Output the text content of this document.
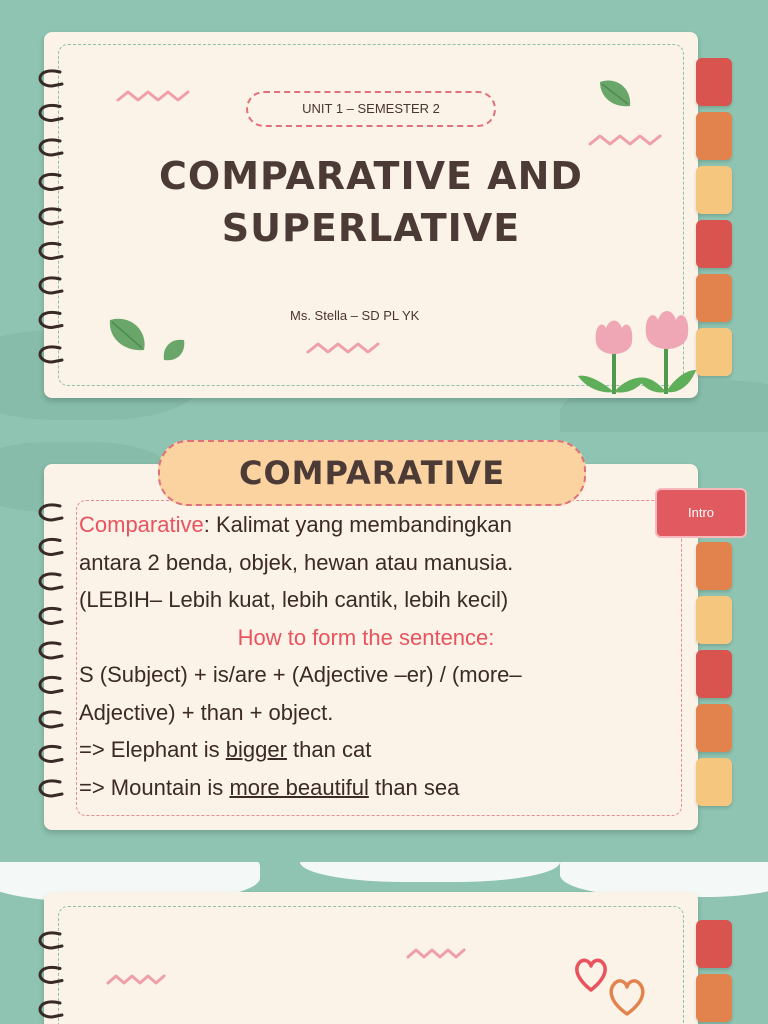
UNIT 1 – SEMESTER 2
COMPARATIVE AND
SUPERLATIVE
Ms. Stella – SD PL YK
COMPARATIVE
Intro
Comparative: Kalimat yang membandingkan
antara 2 benda, objek, hewan atau manusia.
(LEBIH– Lebih kuat, lebih cantik, lebih kecil)
How to form the sentence:
S (Subject) + is/are + (Adjective –er) / (more–
Adjective) + than + object.
=> Elephant is bigger than cat
=> Mountain is more beautiful than sea
